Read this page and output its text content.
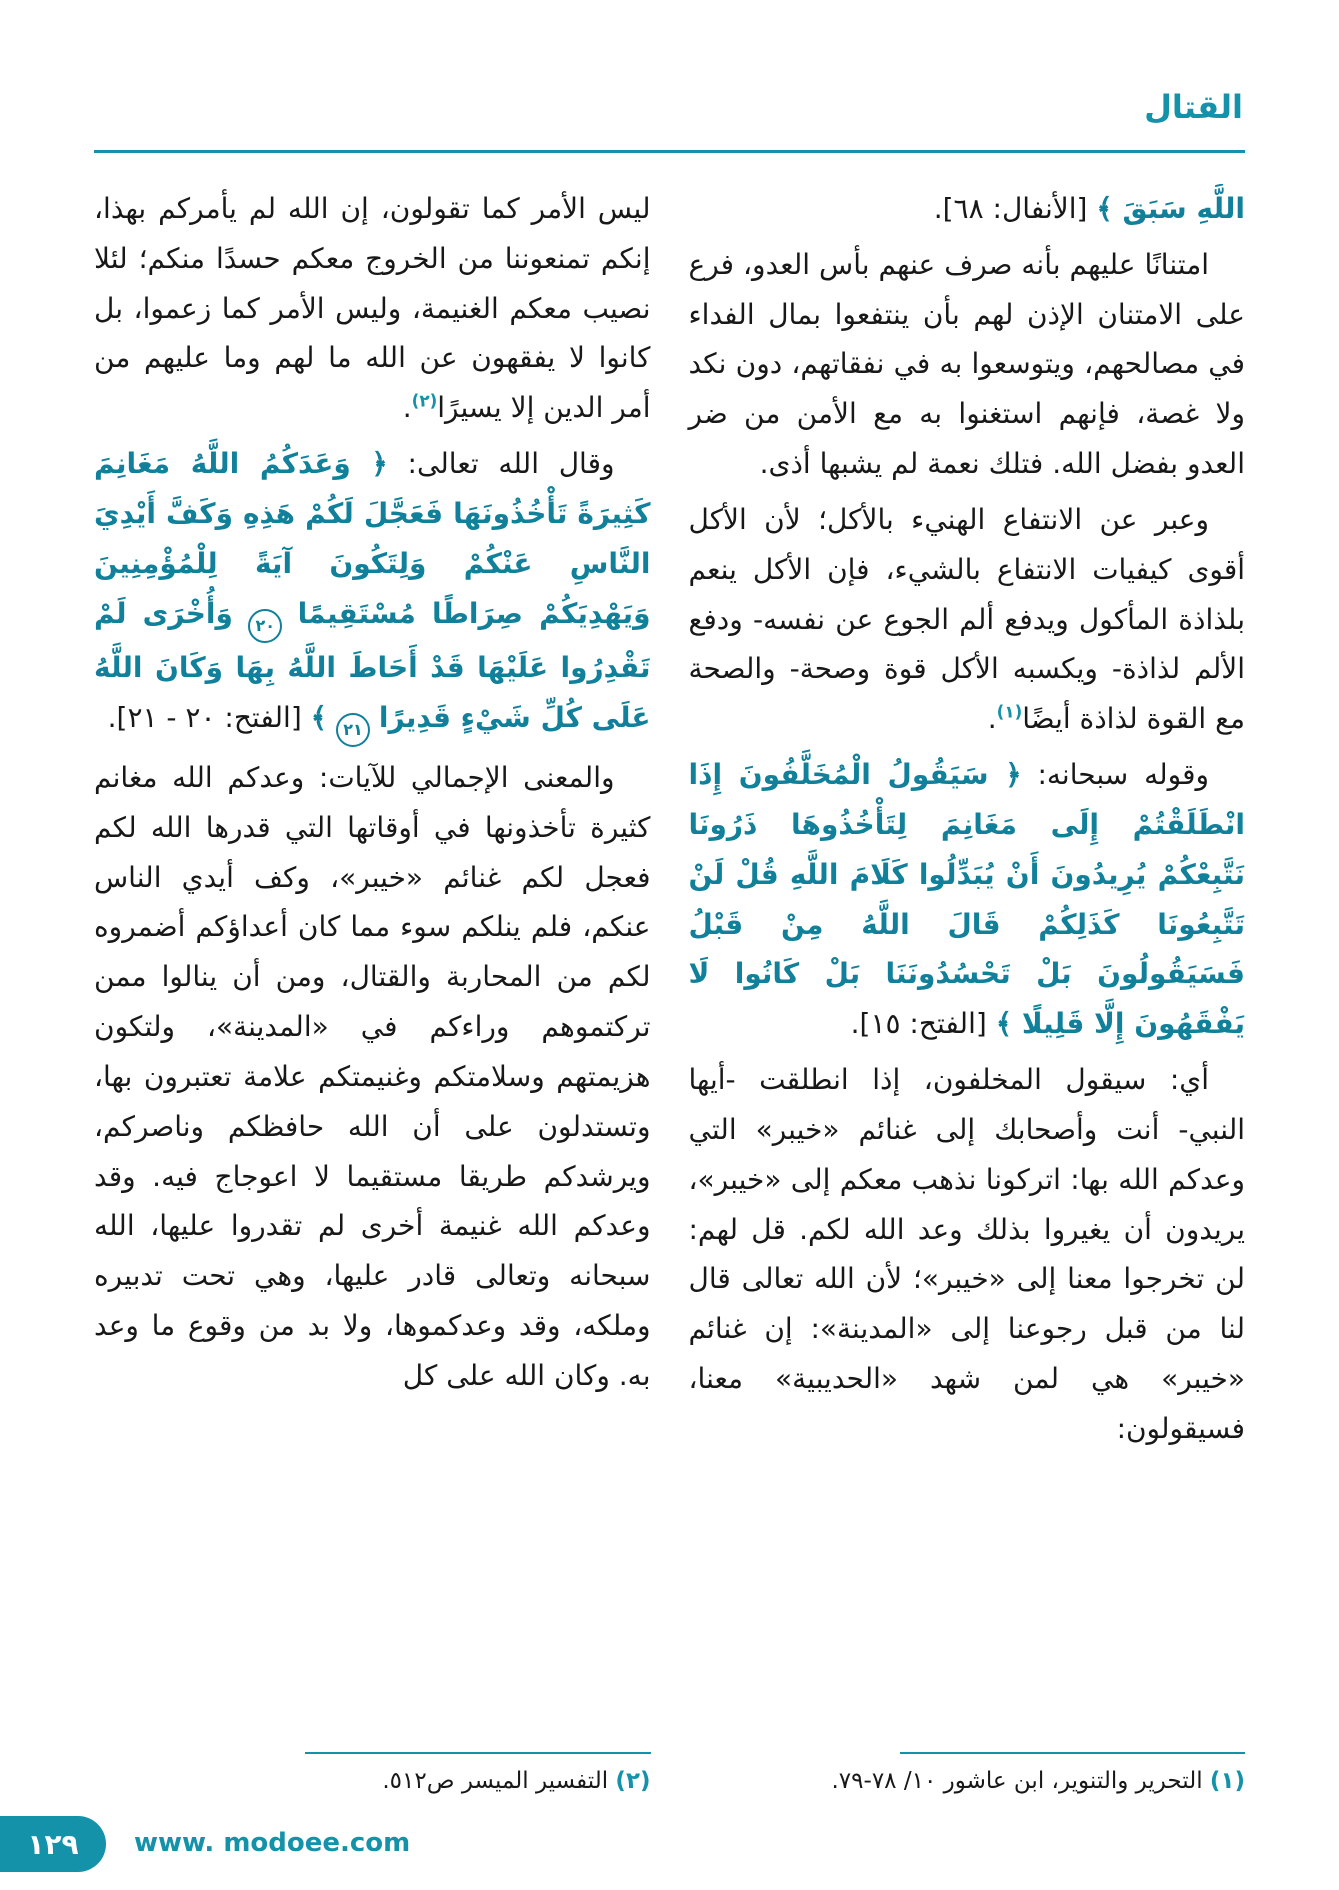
القتال

اللَّهِ سَبَقَ ﴾ [الأنفال: ٦٨].

امتنانًا عليهم بأنه صرف عنهم بأس العدو، فرع على الامتنان الإذن لهم بأن ينتفعوا بمال الفداء في مصالحهم، ويتوسعوا به في نفقاتهم، دون نكد ولا غصة، فإنهم استغنوا به مع الأمن من ضر العدو بفضل الله. فتلك نعمة لم يشبها أذى.

وعبر عن الانتفاع الهنيء بالأكل؛ لأن الأكل أقوى كيفيات الانتفاع بالشيء، فإن الأكل ينعم بلذاذة المأكول ويدفع ألم الجوع عن نفسه- ودفع الألم لذاذة- ويكسبه الأكل قوة وصحة- والصحة مع القوة لذاذة أيضًا$^{(١)}$.

وقوله سبحانه: ﴿ سَيَقُولُ الْمُخَلَّفُونَ إِذَا انْطَلَقْتُمْ إِلَى مَغَانِمَ لِتَأْخُذُوهَا ذَرُونَا نَتَّبِعْكُمْ يُرِيدُونَ أَنْ يُبَدِّلُوا كَلَامَ اللَّهِ قُلْ لَنْ تَتَّبِعُونَا كَذَلِكُمْ قَالَ اللَّهُ مِنْ قَبْلُ فَسَيَقُولُونَ بَلْ تَحْسُدُونَنَا بَلْ كَانُوا لَا يَفْقَهُونَ إِلَّا قَلِيلًا ﴾ [الفتح: ١٥].

أي: سيقول المخلفون، إذا انطلقت -أيها النبي- أنت وأصحابك إلى غنائم «خيبر» التي وعدكم الله بها: اتركونا نذهب معكم إلى «خيبر»، يريدون أن يغيروا بذلك وعد الله لكم. قل لهم: لن تخرجوا معنا إلى «خيبر»؛ لأن الله تعالى قال لنا من قبل رجوعنا إلى «المدينة»: إن غنائم «خيبر» هي لمن شهد «الحديبية» معنا، فسيقولون:

ليس الأمر كما تقولون، إن الله لم يأمركم بهذا، إنكم تمنعوننا من الخروج معكم حسدًا منكم؛ لئلا نصيب معكم الغنيمة، وليس الأمر كما زعموا، بل كانوا لا يفقهون عن الله ما لهم وما عليهم من أمر الدين إلا يسيرًا$^{(٢)}$.

وقال الله تعالى: ﴿ وَعَدَكُمُ اللَّهُ مَغَانِمَ كَثِيرَةً تَأْخُذُونَهَا فَعَجَّلَ لَكُمْ هَذِهِ وَكَفَّ أَيْدِيَ النَّاسِ عَنْكُمْ وَلِتَكُونَ آيَةً لِلْمُؤْمِنِينَ وَيَهْدِيَكُمْ صِرَاطًا مُسْتَقِيمًا ٢٠ وَأُخْرَى لَمْ تَقْدِرُوا عَلَيْهَا قَدْ أَحَاطَ اللَّهُ بِهَا وَكَانَ اللَّهُ عَلَى كُلِّ شَيْءٍ قَدِيرًا ٢١ ﴾ [الفتح: ٢٠ - ٢١].

والمعنى الإجمالي للآيات: وعدكم الله مغانم كثيرة تأخذونها في أوقاتها التي قدرها الله لكم فعجل لكم غنائم «خيبر»، وكف أيدي الناس عنكم، فلم ينلكم سوء مما كان أعداؤكم أضمروه لكم من المحاربة والقتال، ومن أن ينالوا ممن تركتموهم وراءكم في «المدينة»، ولتكون هزيمتهم وسلامتكم وغنيمتكم علامة تعتبرون بها، وتستدلون على أن الله حافظكم وناصركم، ويرشدكم طريقا مستقيما لا اعوجاج فيه. وقد وعدكم الله غنيمة أخرى لم تقدروا عليها، الله سبحانه وتعالى قادر عليها، وهي تحت تدبيره وملكه، وقد وعدكموها، ولا بد من وقوع ما وعد به. وكان الله على كل

(١) التحرير والتنوير، ابن عاشور ١٠/ ٧٨-٧٩.
(٢) التفسير الميسر ص٥١٢.
١٢٩ www. modoee.com
